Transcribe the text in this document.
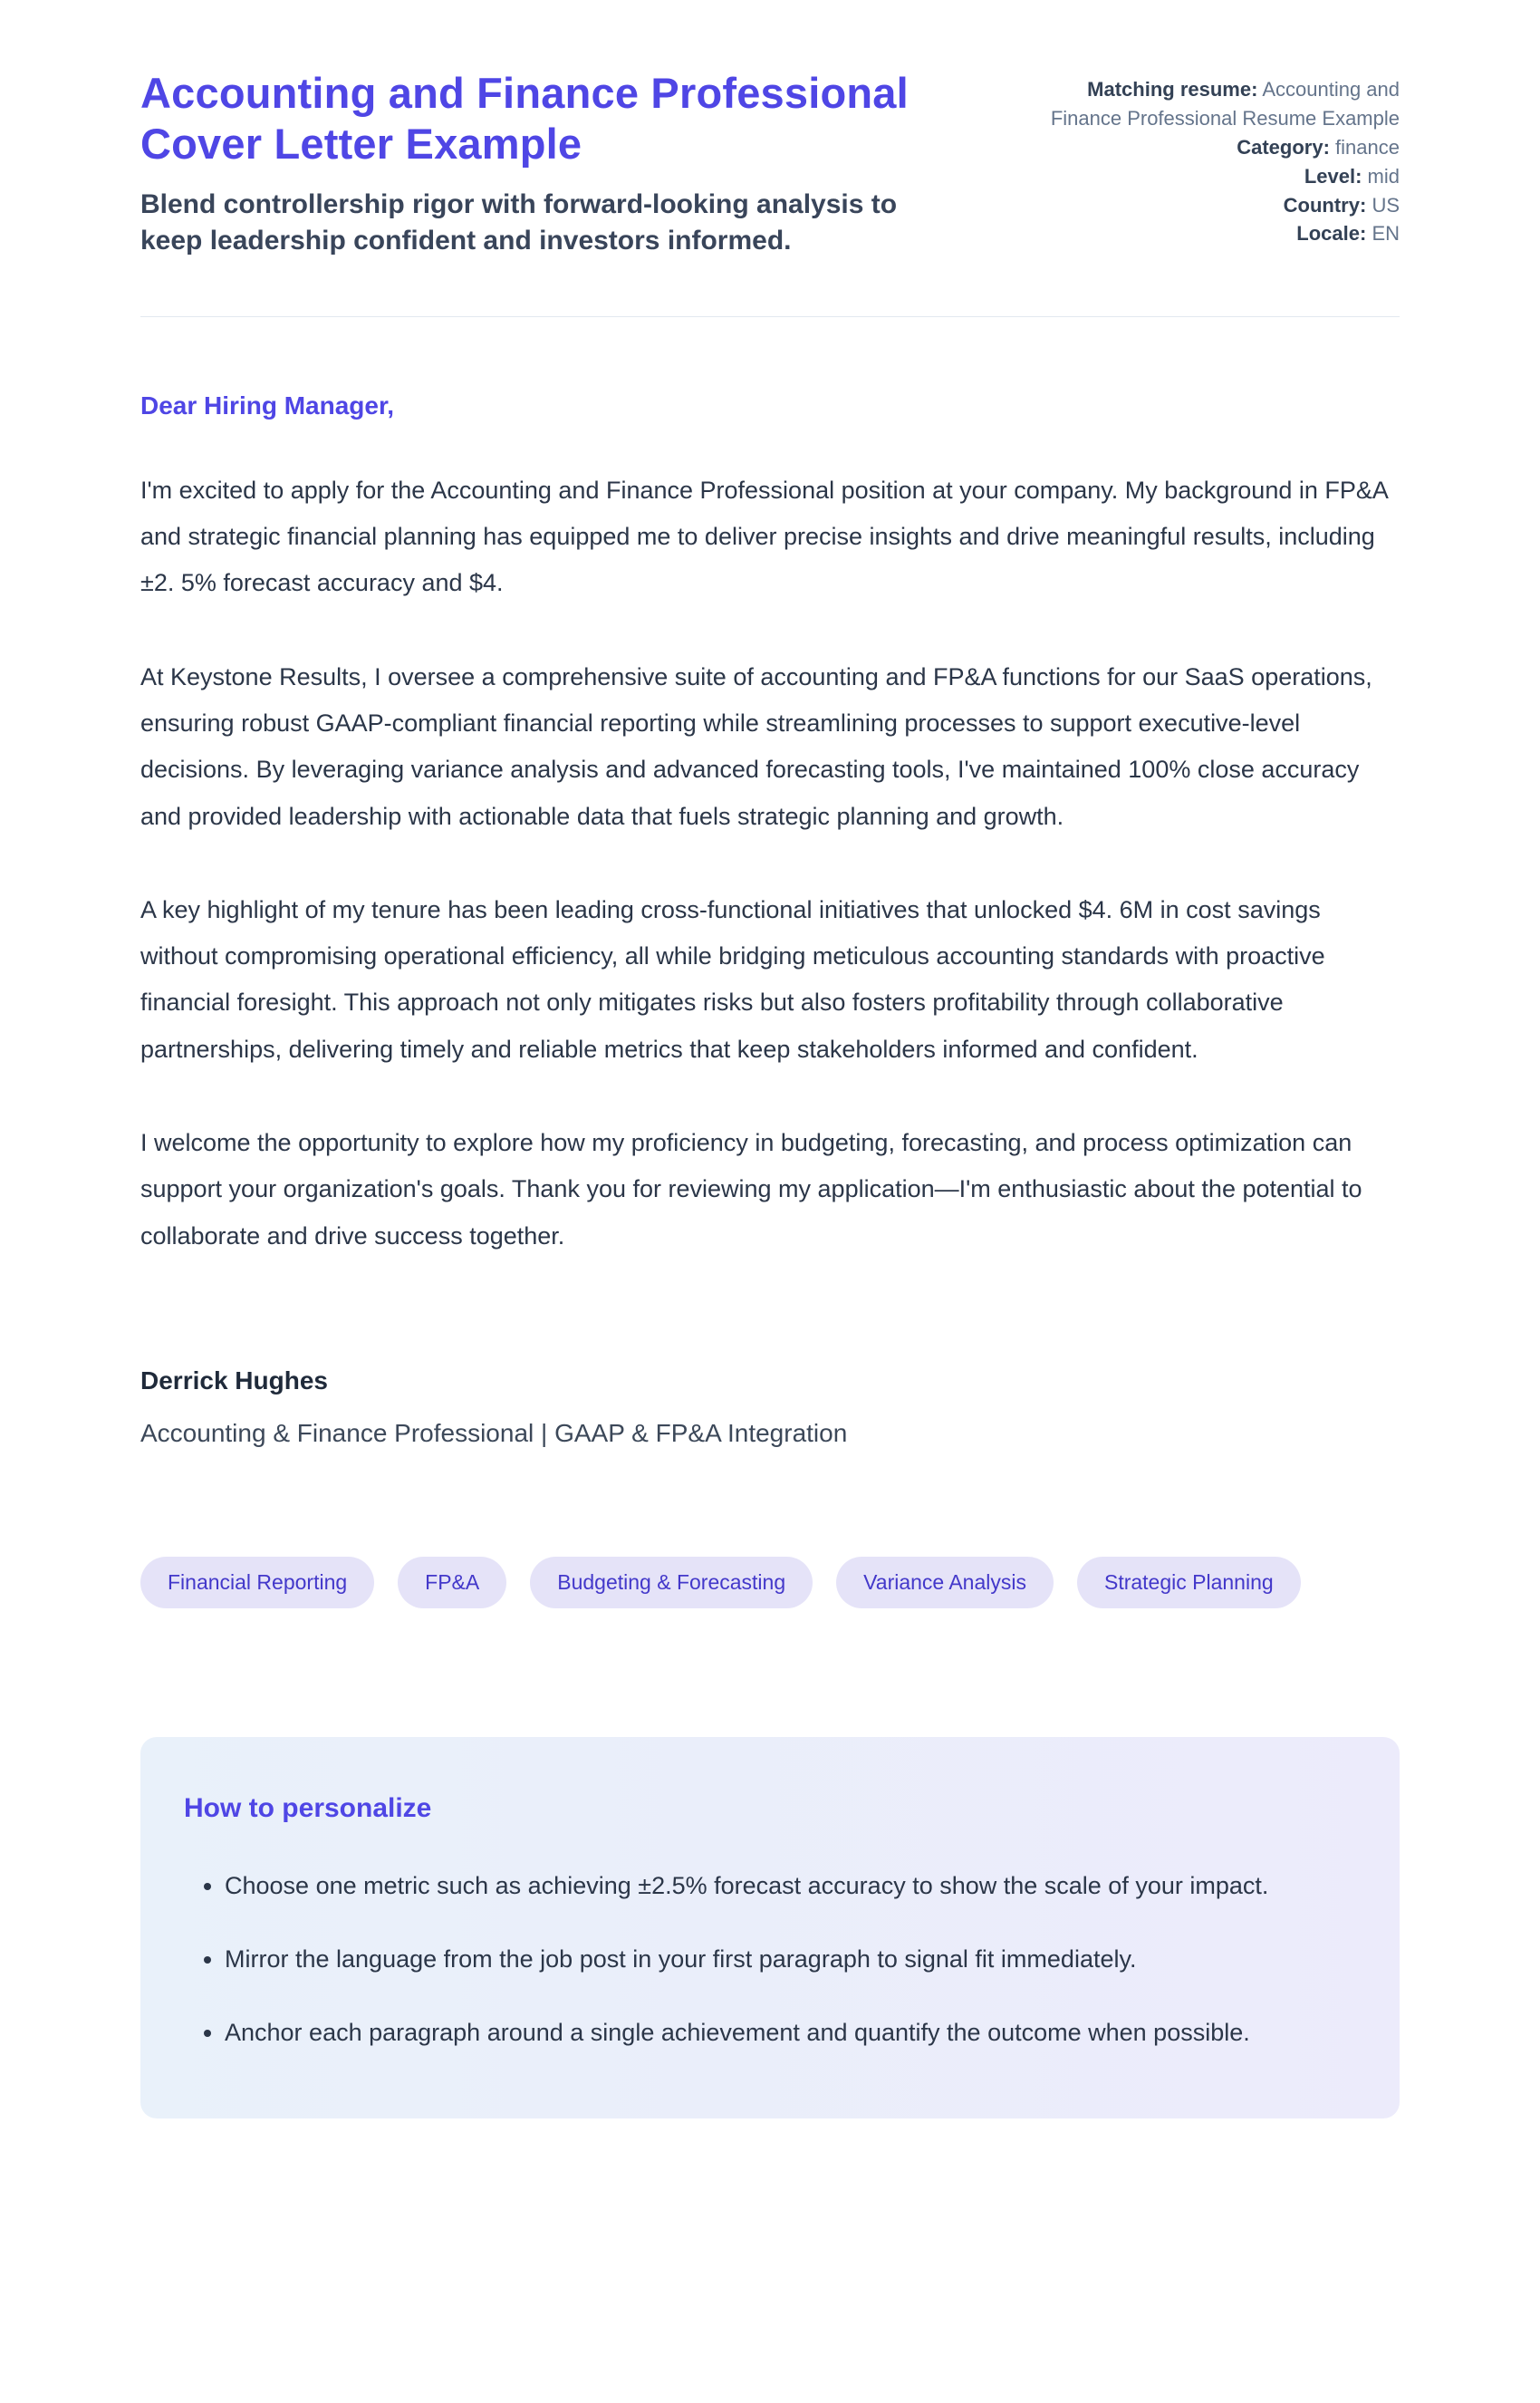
Accounting and Finance Professional Cover Letter Example
Blend controllership rigor with forward-looking analysis to keep leadership confident and investors informed.
Matching resume: Accounting and Finance Professional Resume Example
Category: finance
Level: mid
Country: US
Locale: EN
Dear Hiring Manager,

I'm excited to apply for the Accounting and Finance Professional position at your company. My background in FP&A and strategic financial planning has equipped me to deliver precise insights and drive meaningful results, including ±2. 5% forecast accuracy and $4.

At Keystone Results, I oversee a comprehensive suite of accounting and FP&A functions for our SaaS operations, ensuring robust GAAP-compliant financial reporting while streamlining processes to support executive-level decisions. By leveraging variance analysis and advanced forecasting tools, I've maintained 100% close accuracy and provided leadership with actionable data that fuels strategic planning and growth.

A key highlight of my tenure has been leading cross-functional initiatives that unlocked $4. 6M in cost savings without compromising operational efficiency, all while bridging meticulous accounting standards with proactive financial foresight. This approach not only mitigates risks but also fosters profitability through collaborative partnerships, delivering timely and reliable metrics that keep stakeholders informed and confident.

I welcome the opportunity to explore how my proficiency in budgeting, forecasting, and process optimization can support your organization's goals. Thank you for reviewing my application—I'm enthusiastic about the potential to collaborate and drive success together.

Derrick Hughes
Accounting & Finance Professional | GAAP & FP&A Integration
Financial Reporting	FP&A	Budgeting & Forecasting	Variance Analysis	Strategic Planning
How to personalize
• Choose one metric such as achieving ±2.5% forecast accuracy to show the scale of your impact.
• Mirror the language from the job post in your first paragraph to signal fit immediately.
• Anchor each paragraph around a single achievement and quantify the outcome when possible.
